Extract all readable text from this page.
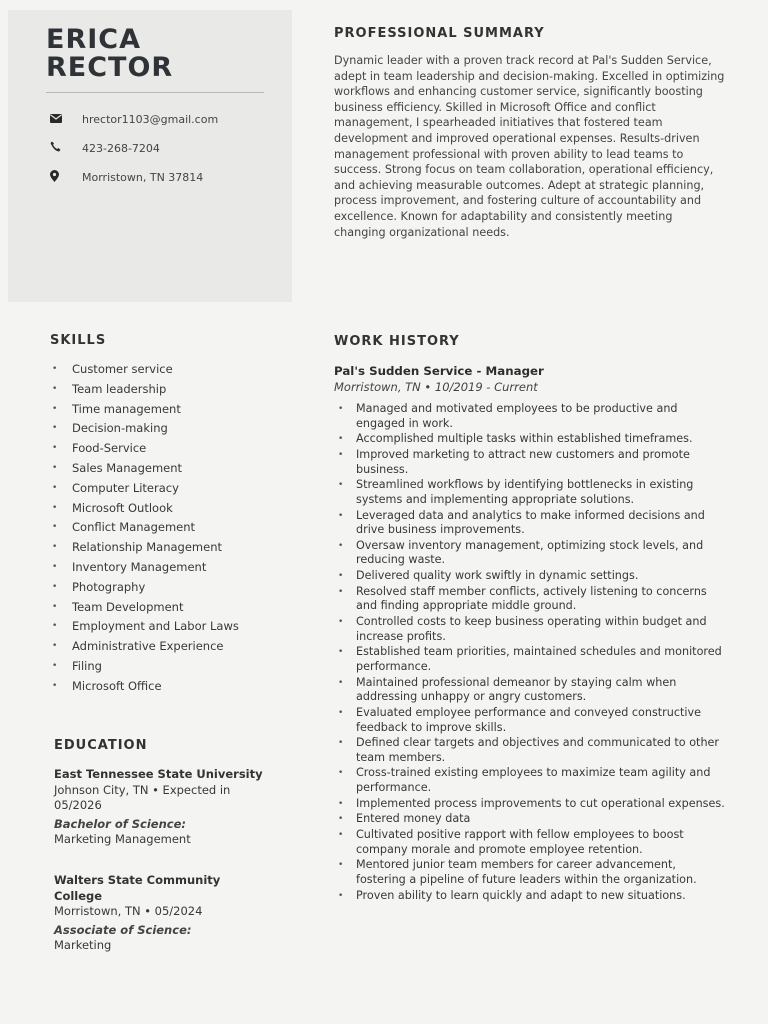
ERICA
RECTOR
hrector1103@gmail.com
423-268-7204
Morristown, TN 37814
PROFESSIONAL SUMMARY
Dynamic leader with a proven track record at Pal's Sudden Service, adept in team leadership and decision-making. Excelled in optimizing workflows and enhancing customer service, significantly boosting business efficiency. Skilled in Microsoft Office and conflict management, I spearheaded initiatives that fostered team development and improved operational expenses. Results-driven management professional with proven ability to lead teams to success. Strong focus on team collaboration, operational efficiency, and achieving measurable outcomes. Adept at strategic planning, process improvement, and fostering culture of accountability and excellence. Known for adaptability and consistently meeting changing organizational needs.
SKILLS
• Customer service
• Team leadership
• Time management
• Decision-making
• Food-Service
• Sales Management
• Computer Literacy
• Microsoft Outlook
• Conflict Management
• Relationship Management
• Inventory Management
• Photography
• Team Development
• Employment and Labor Laws
• Administrative Experience
• Filing
• Microsoft Office
EDUCATION
East Tennessee State University
Johnson City, TN • Expected in 05/2026
Bachelor of Science:
Marketing Management
Walters State Community College
Morristown, TN • 05/2024
Associate of Science:
Marketing
WORK HISTORY
Pal's Sudden Service - Manager
Morristown, TN • 10/2019 - Current
• Managed and motivated employees to be productive and engaged in work.
• Accomplished multiple tasks within established timeframes.
• Improved marketing to attract new customers and promote business.
• Streamlined workflows by identifying bottlenecks in existing systems and implementing appropriate solutions.
• Leveraged data and analytics to make informed decisions and drive business improvements.
• Oversaw inventory management, optimizing stock levels, and reducing waste.
• Delivered quality work swiftly in dynamic settings.
• Resolved staff member conflicts, actively listening to concerns and finding appropriate middle ground.
• Controlled costs to keep business operating within budget and increase profits.
• Established team priorities, maintained schedules and monitored performance.
• Maintained professional demeanor by staying calm when addressing unhappy or angry customers.
• Evaluated employee performance and conveyed constructive feedback to improve skills.
• Defined clear targets and objectives and communicated to other team members.
• Cross-trained existing employees to maximize team agility and performance.
• Implemented process improvements to cut operational expenses.
• Entered money data
• Cultivated positive rapport with fellow employees to boost company morale and promote employee retention.
• Mentored junior team members for career advancement, fostering a pipeline of future leaders within the organization.
• Proven ability to learn quickly and adapt to new situations.
